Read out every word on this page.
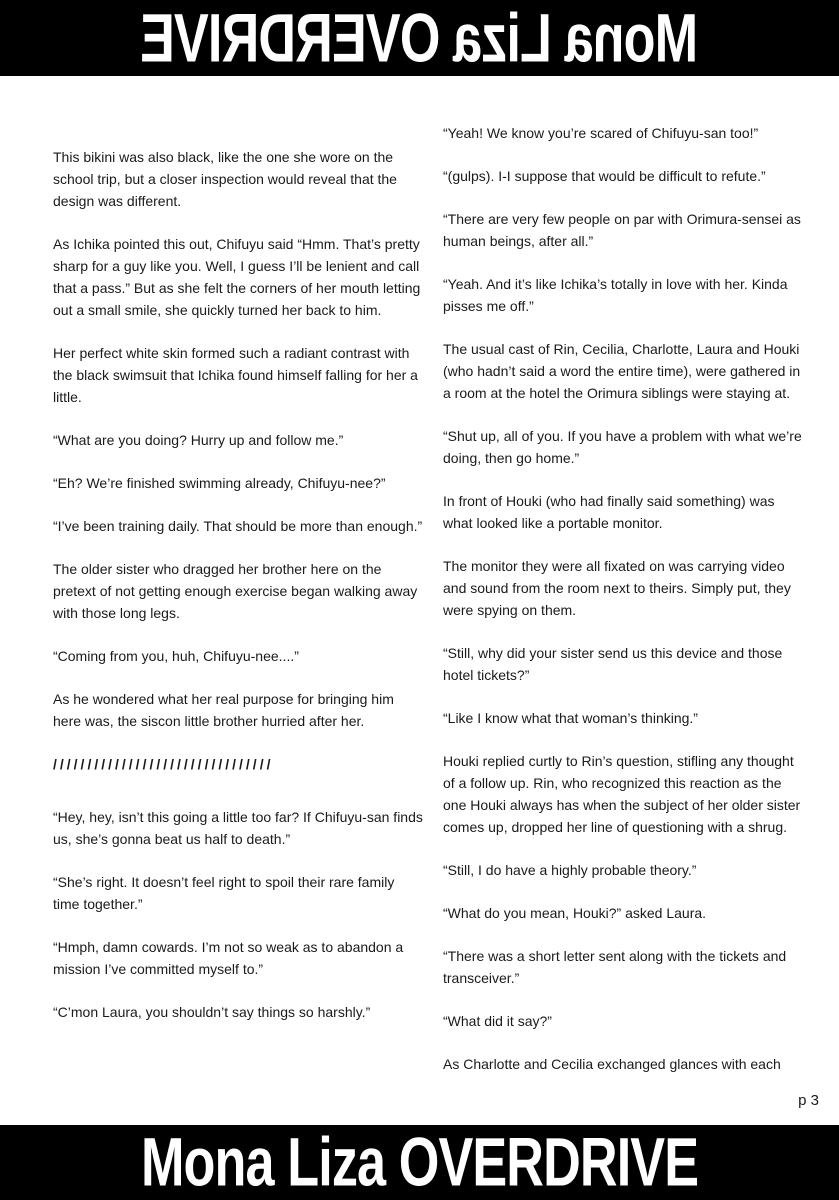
Mona Liza OVERDRIVE

This bikini was also black, like the one she wore on the school trip, but a closer inspection would reveal that the design was different.

As Ichika pointed this out, Chifuyu said “Hmm. That’s pretty sharp for a guy like you. Well, I guess I’ll be lenient and call that a pass.” But as she felt the corners of her mouth letting out a small smile, she quickly turned her back to him.

Her perfect white skin formed such a radiant contrast with the black swimsuit that Ichika found himself falling for her a little.

“What are you doing? Hurry up and follow me.”

“Eh? We’re finished swimming already, Chifuyu-nee?”

“I’ve been training daily. That should be more than enough.”

The older sister who dragged her brother here on the pretext of not getting enough exercise began walking away with those long legs.

“Coming from you, huh, Chifuyu-nee....”

As he wondered what her real purpose for bringing him here was, the siscon little brother hurried after her.

////////////////////////////////

“Hey, hey, isn’t this going a little too far? If Chifuyu-san finds us, she’s gonna beat us half to death.”

“She’s right. It doesn’t feel right to spoil their rare family time together.”

“Hmph, damn cowards. I’m not so weak as to abandon a mission I’ve committed myself to.”

“C’mon Laura, you shouldn’t say things so harshly.”

“Yeah! We know you’re scared of Chifuyu-san too!”

“(gulps). I-I suppose that would be difficult to refute.”

“There are very few people on par with Orimura-sensei as human beings, after all.”

“Yeah. And it’s like Ichika’s totally in love with her. Kinda pisses me off.”

The usual cast of Rin, Cecilia, Charlotte, Laura and Houki (who hadn’t said a word the entire time), were gathered in a room at the hotel the Orimura siblings were staying at.

“Shut up, all of you. If you have a problem with what we’re doing, then go home.”

In front of Houki (who had finally said something) was what looked like a portable monitor.

The monitor they were all fixated on was carrying video and sound from the room next to theirs. Simply put, they were spying on them.

“Still, why did your sister send us this device and those hotel tickets?”

“Like I know what that woman’s thinking.”

Houki replied curtly to Rin’s question, stifling any thought of a follow up. Rin, who recognized this reaction as the one Houki always has when the subject of her older sister comes up, dropped her line of questioning with a shrug.

“Still, I do have a highly probable theory.”

“What do you mean, Houki?” asked Laura.

“There was a short letter sent along with the tickets and transceiver.”

“What did it say?”

As Charlotte and Cecilia exchanged glances with each

p 3
Mona Liza OVERDRIVE
